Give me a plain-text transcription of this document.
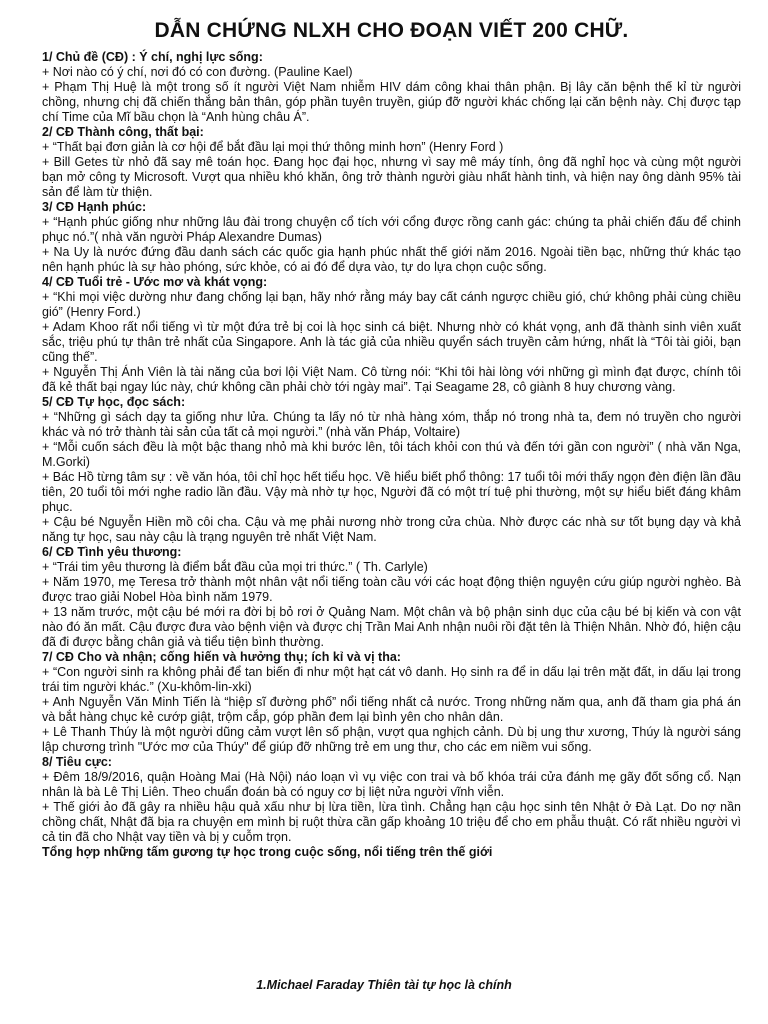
DẪN CHỨNG NLXH CHO ĐOẠN VIẾT 200 CHỮ.
1/ Chủ đề (CĐ) : Ý chí, nghị lực sống:
+ Nơi nào có ý chí, nơi đó có con đường. (Pauline Kael)
+ Phạm Thị Huệ là một trong số ít người Việt Nam nhiễm HIV dám công khai thân phận. Bị lây căn bệnh thế kỉ từ người chồng, nhưng chị đã chiến thắng bản thân, góp phần tuyên truyền, giúp đỡ người khác chống lại căn bệnh này. Chị được tạp chí Time của Mĩ bầu chọn là “Anh hùng châu Á”.
2/ CĐ Thành công, thất bại:
+ “Thất bại đơn giản là cơ hội để bắt đầu lại mọi thứ thông minh hơn” (Henry Ford )
+ Bill Getes từ nhỏ đã say mê toán học. Đang học đại học, nhưng vì say mê máy tính, ông đã nghỉ học và cùng một người bạn mở công ty Microsoft. Vượt qua nhiều khó khăn, ông trở thành người giàu nhất hành tinh, và hiện nay ông dành 95% tài sản để làm từ thiện.
3/ CĐ Hạnh phúc:
+ “Hạnh phúc giống như những lâu đài trong chuyện cổ tích với cổng được rồng canh gác: chúng ta phải chiến đấu để chinh phục nó.”( nhà văn người Pháp Alexandre Dumas)
+ Na Uy là nước đứng đầu danh sách các quốc gia hạnh phúc nhất thế giới năm 2016. Ngoài tiền bạc, những thứ khác tạo nên hạnh phúc là sự hào phóng, sức khỏe, có ai đó để dựa vào, tự do lựa chọn cuộc sống.
4/ CĐ Tuổi trẻ - Ước mơ và khát vọng:
+ “Khi mọi việc dường như đang chống lại bạn, hãy nhớ rằng máy bay cất cánh ngược chiều gió, chứ không phải cùng chiều gió” (Henry Ford.)
+ Adam Khoo rất nổi tiếng vì từ một đứa trẻ bị coi là học sinh cá biệt. Nhưng nhờ có khát vọng, anh đã thành sinh viên xuất sắc, triệu phú tự thân trẻ nhất của Singapore. Anh là tác giả của nhiều quyển sách truyền cảm hứng, nhất là “Tôi tài giỏi, bạn cũng thế”.
+ Nguyễn Thị Ánh Viên là tài năng của bơi lội Việt Nam. Cô từng nói: “Khi tôi hài lòng với những gì mình đạt được, chính tôi đã kẻ thất bại ngay lúc này, chứ không cần phải chờ tới ngày mai”. Tại Seagame 28, cô giành 8 huy chương vàng.
5/ CĐ Tự học, đọc sách:
+ “Những gì sách dạy ta giống như lửa. Chúng ta lấy nó từ nhà hàng xóm, thắp nó trong nhà ta, đem nó truyền cho người khác và nó trở thành tài sản của tất cả mọi người.” (nhà văn Pháp, Voltaire)
+ “Mỗi cuốn sách đều là một bậc thang nhỏ mà khi bước lên, tôi tách khỏi con thú và đến tới gần con người” ( nhà văn Nga, M.Gorki)
+ Bác Hồ từng tâm sự : về văn hóa, tôi chỉ học hết tiểu học. Về hiểu biết phổ thông: 17 tuổi tôi mới thấy ngọn đèn điện lần đầu tiên, 20 tuổi tôi mới nghe radio lần đầu. Vậy mà nhờ tự học, Người đã có một trí tuệ phi thường, một sự hiểu biết đáng khâm phục.
+ Cậu bé Nguyễn Hiền mồ côi cha. Cậu và mẹ phải nương nhờ trong cửa chùa. Nhờ được các nhà sư tốt bụng dạy và khả năng tự học, sau này cậu là trạng nguyên trẻ nhất Việt Nam.
6/ CĐ Tình yêu thương:
+ “Trái tim yêu thương là điểm bắt đầu của mọi tri thức.” ( Th. Carlyle)
+ Năm 1970, mẹ Teresa trở thành một nhân vật nổi tiếng toàn cầu với các hoạt động thiện nguyện cứu giúp người nghèo. Bà được trao giải Nobel Hòa bình năm 1979.
+ 13 năm trước, một cậu bé mới ra đời bị bỏ rơi ở Quảng Nam. Một chân và bộ phận sinh dục của cậu bé bị kiến và con vật nào đó ăn mất. Cậu được đưa vào bệnh viện và được chị Trần Mai Anh nhận nuôi rồi đặt tên là Thiện Nhân. Nhờ đó, hiện cậu đã đi được bằng chân giả và tiểu tiện bình thường.
7/ CĐ Cho và nhận; cống hiến và hưởng thụ; ích kỉ và vị tha:
+ “Con người sinh ra không phải để tan biến đi như một hạt cát vô danh. Họ sinh ra để in dấu lại trên mặt đất, in dấu lại trong trái tim người khác.” (Xu-khôm-lin-xki)
+ Anh Nguyễn Văn Minh Tiến là “hiệp sĩ đường phố” nổi tiếng nhất cả nước. Trong những năm qua, anh đã tham gia phá án và bắt hàng chục kẻ cướp giật, trộm cắp, góp phần đem lại bình yên cho nhân dân.
+ Lê Thanh Thúy là một người dũng cảm vượt lên số phận, vượt qua nghịch cảnh. Dù bị ung thư xương, Thúy là người sáng lập chương trình "Ước mơ của Thúy" để giúp đỡ những trẻ em ung thư, cho các em niềm vui sống.
8/ Tiêu cực:
+ Đêm 18/9/2016, quận Hoàng Mai (Hà Nội) náo loạn vì vụ việc con trai và bố khóa trái cửa đánh mẹ gãy đốt sống cổ. Nạn nhân là bà Lê Thị Liên. Theo chuẩn đoán bà có nguy cơ bị liệt nửa người vĩnh viễn.
+ Thế giới ảo đã gây ra nhiều hậu quả xấu như bị lừa tiền, lừa tình. Chẳng hạn cậu học sinh tên Nhật ở Đà Lạt. Do nợ nần chồng chất, Nhật đã bịa ra chuyện em mình bị ruột thừa cần gấp khoảng 10 triệu để cho em phẫu thuật. Có rất nhiều người vì cả tin đã cho Nhật vay tiền và bị y cuỗm trọn.
Tổng hợp những tấm gương tự học trong cuộc sống, nổi tiếng trên thế giới
1.Michael Faraday Thiên tài tự học là chính
